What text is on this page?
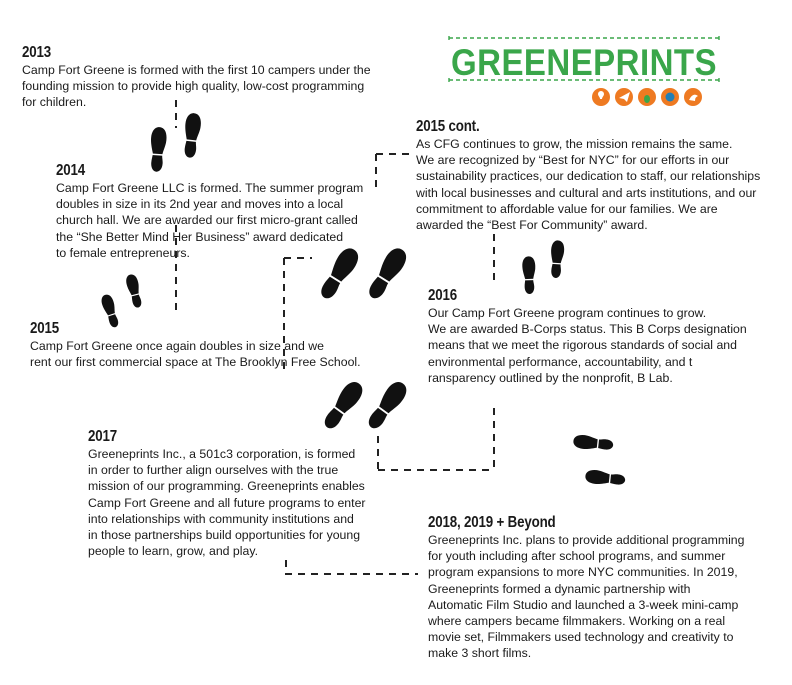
GREENEPRINTS
2013
Camp Fort Greene is formed with the first 10 campers under the
founding mission to provide high quality, low-cost programming
for children.
2014
Camp Fort Greene LLC is formed. The summer program
doubles in size in its 2nd year and moves into a local
church hall. We are awarded our first micro-grant called
the “She Better Mind Her Business” award dedicated
to female entrepreneurs.
2015
Camp Fort Greene once again doubles in size and we
rent our first commercial space at The Brooklyn Free School.
2015 cont.
As CFG continues to grow, the mission remains the same.
We are recognized by “Best for NYC” for our efforts in our
sustainability practices, our dedication to staff, our relationships
with local businesses and cultural and arts institutions, and our
commitment to affordable value for our families. We are
awarded the “Best For Community” award.
2016
Our Camp Fort Greene program continues to grow.
We are awarded B-Corps status. This B Corps designation
means that we meet the rigorous standards of social and
environmental performance, accountability, and t
ransparency outlined by the nonprofit, B Lab.
2017
Greeneprints Inc., a 501c3 corporation, is formed
in order to further align ourselves with the true
mission of our programming. Greeneprints enables
Camp Fort Greene and all future programs to enter
into relationships with community institutions and
in those partnerships build opportunities for young
people to learn, grow, and play.
2018, 2019 + Beyond
Greeneprints Inc. plans to provide additional programming
for youth including after school programs, and summer
program expansions to more NYC communities. In 2019,
Greeneprints formed a dynamic partnership with
Automatic Film Studio and launched a 3-week mini-camp
where campers became filmmakers. Working on a real
movie set, Filmmakers used technology and creativity to
make 3 short films.
